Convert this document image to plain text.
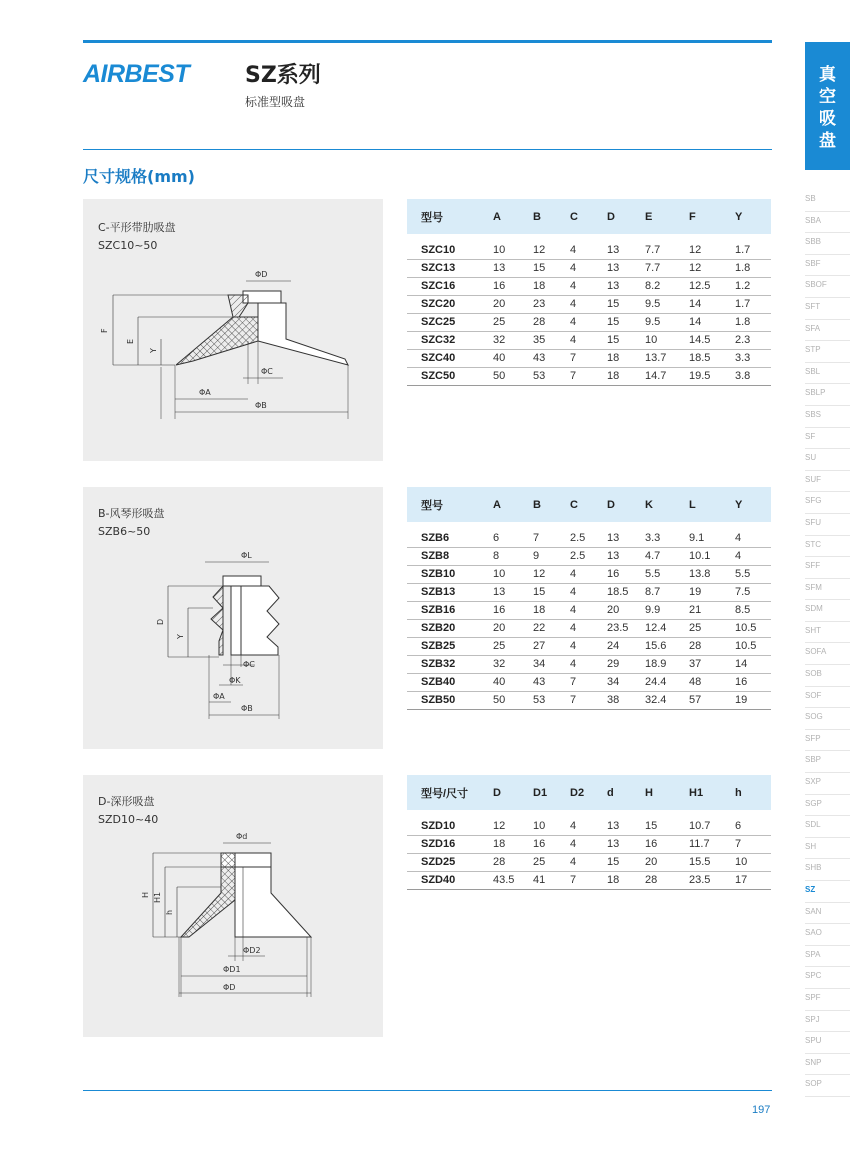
AIRBEST	SZ系列
标准型吸盘
尺寸规格(mm)
真
空
吸
盘
SB
SBA
SBB
SBF
SBOF
SFT
SFA
STP
SBL
SBLP
SBS
SF
SU
SUF
SFG
SFU
STC
SFF
SFM
SDM
SHT
SOFA
SOB
SOF
SOG
SFP
SBP
SXP
SGP
SDL
SH
SHB
SZ
SAN
SAO
SPA
SPC
SPF
SPJ
SPU
SNP
SOP
C-平形带肋吸盘
SZC10~50
ΦD
F
E
Y
ΦC
ΦA
ΦB
B-风琴形吸盘
SZB6~50
ΦL
D
Y
ΦC
ΦK
ΦA
ΦB
D-深形吸盘
SZD10~40
Φd
H H1
h
ΦD2
ΦD1
ΦD
型号	A	B	C	D	E	F	Y

SZC10	10	12	4	13	7.7	12	1.7
SZC13	13	15	4	13	7.7	12	1.8
SZC16	16	18	4	13	8.2	12.5	1.2
SZC20	20	23	4	15	9.5	14	1.7
SZC25	25	28	4	15	9.5	14	1.8
SZC32	32	35	4	15	10	14.5	2.3
SZC40	40	43	7	18	13.7	18.5	3.3
SZC50	50	53	7	18	14.7	19.5	3.8
型号	A	B	C	D	K	L	Y

SZB6	6	7	2.5	13	3.3	9.1	4
SZB8	8	9	2.5	13	4.7	10.1	4
SZB10	10	12	4	16	5.5	13.8	5.5
SZB13	13	15	4	18.5	8.7	19	7.5
SZB16	16	18	4	20	9.9	21	8.5
SZB20	20	22	4	23.5	12.4	25	10.5
SZB25	25	27	4	24	15.6	28	10.5
SZB32	32	34	4	29	18.9	37	14
SZB40	40	43	7	34	24.4	48	16
SZB50	50	53	7	38	32.4	57	19
型号/尺寸	D	D1	D2	d	H	H1	h

SZD10	12	10	4	13	15	10.7	6
SZD16	18	16	4	13	16	11.7	7
SZD25	28	25	4	15	20	15.5	10
SZD40	43.5	41	7	18	28	23.5	17
197
